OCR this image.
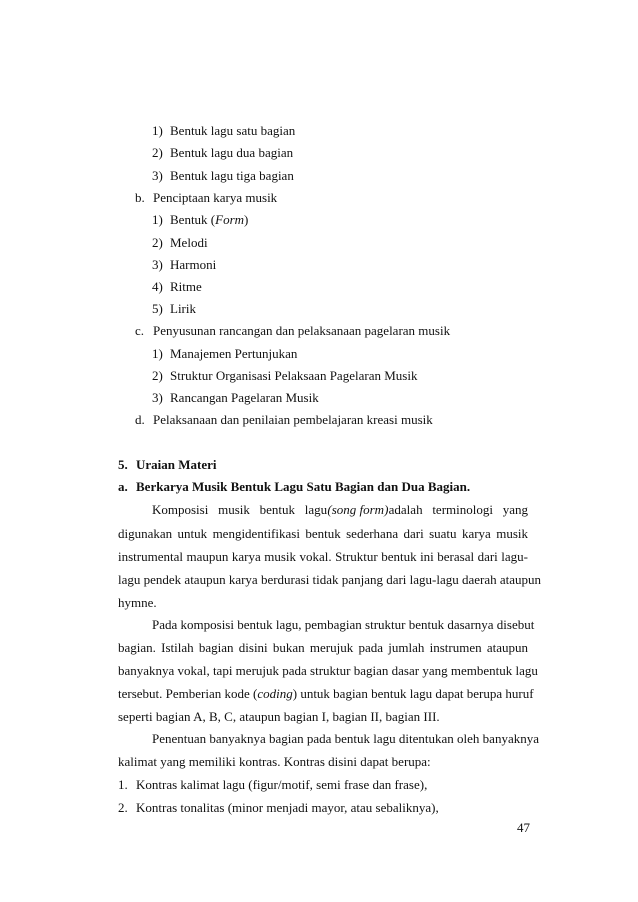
1) Bentuk lagu satu bagian
2) Bentuk lagu dua bagian
3) Bentuk lagu tiga bagian
b. Penciptaan karya musik
1) Bentuk (Form)
2) Melodi
3) Harmoni
4) Ritme
5) Lirik
c. Penyusunan rancangan dan pelaksanaan pagelaran musik
1) Manajemen Pertunjukan
2) Struktur Organisasi Pelaksaan Pagelaran Musik
3) Rancangan Pagelaran Musik
d. Pelaksanaan dan penilaian pembelajaran kreasi musik
5. Uraian Materi
a. Berkarya Musik Bentuk Lagu Satu Bagian dan Dua Bagian.
Komposisi   musik   bentuk   lagu (song form) adalah   terminologi   yang
digunakan untuk mengidentifikasi bentuk sederhana dari suatu karya musik
instrumental maupun karya musik vokal. Struktur bentuk ini berasal dari lagu-
lagu pendek ataupun karya berdurasi tidak panjang dari lagu-lagu daerah ataupun
hymne.
Pada komposisi bentuk lagu, pembagian struktur bentuk dasarnya disebut
bagian. Istilah bagian disini bukan merujuk pada jumlah instrumen ataupun
banyaknya vokal, tapi merujuk pada struktur bagian dasar yang membentuk lagu
tersebut. Pemberian kode (coding) untuk bagian bentuk lagu dapat berupa huruf
seperti bagian A, B, C, ataupun bagian I, bagian II, bagian III.
Penentuan banyaknya bagian pada bentuk lagu ditentukan oleh banyaknya
kalimat yang memiliki kontras. Kontras disini dapat berupa:
1. Kontras kalimat lagu (figur/motif, semi frase dan frase),
2. Kontras tonalitas (minor menjadi mayor, atau sebaliknya),
47
